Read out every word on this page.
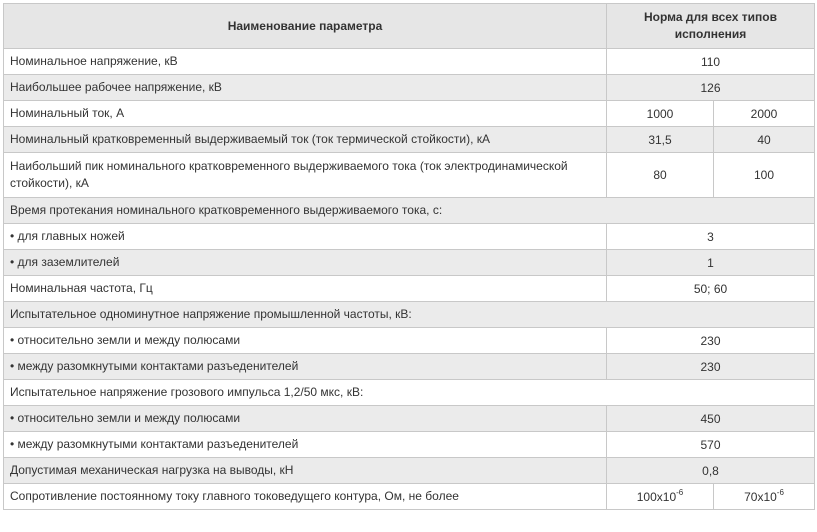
Наименование параметра	Норма для всех типов исполнения	
Номинальное напряжение, кВ	110	
Наибольшее рабочее напряжение, кВ	126	
Номинальный ток, А	1000	2000
Номинальный кратковременный выдерживаемый ток (ток термической стойкости), кА	31,5	40
Наибольший пик номинального кратковременного выдерживаемого тока (ток электродинамической стойкости), кА	80	100
Время протекания номинального кратковременного выдерживаемого тока, с:		
• для главных ножей	3	
• для заземлителей	1	
Номинальная частота, Гц	50; 60	
Испытательное одноминутное напряжение промышленной частоты, кВ:		
• относительно земли и между полюсами	230	
• между разомкнутыми контактами разъеденителей	230	
Испытательное напряжение грозового импульса 1,2/50 мкс, кВ:		
• относительно земли и между полюсами	450	
• между разомкнутыми контактами разъеденителей	570	
Допустимая механическая нагрузка на выводы, кН	0,8	
Сопротивление постоянному току главного токоведущего контура, Ом, не более	$100x10^{-6}$	$70x10^{-6}$
